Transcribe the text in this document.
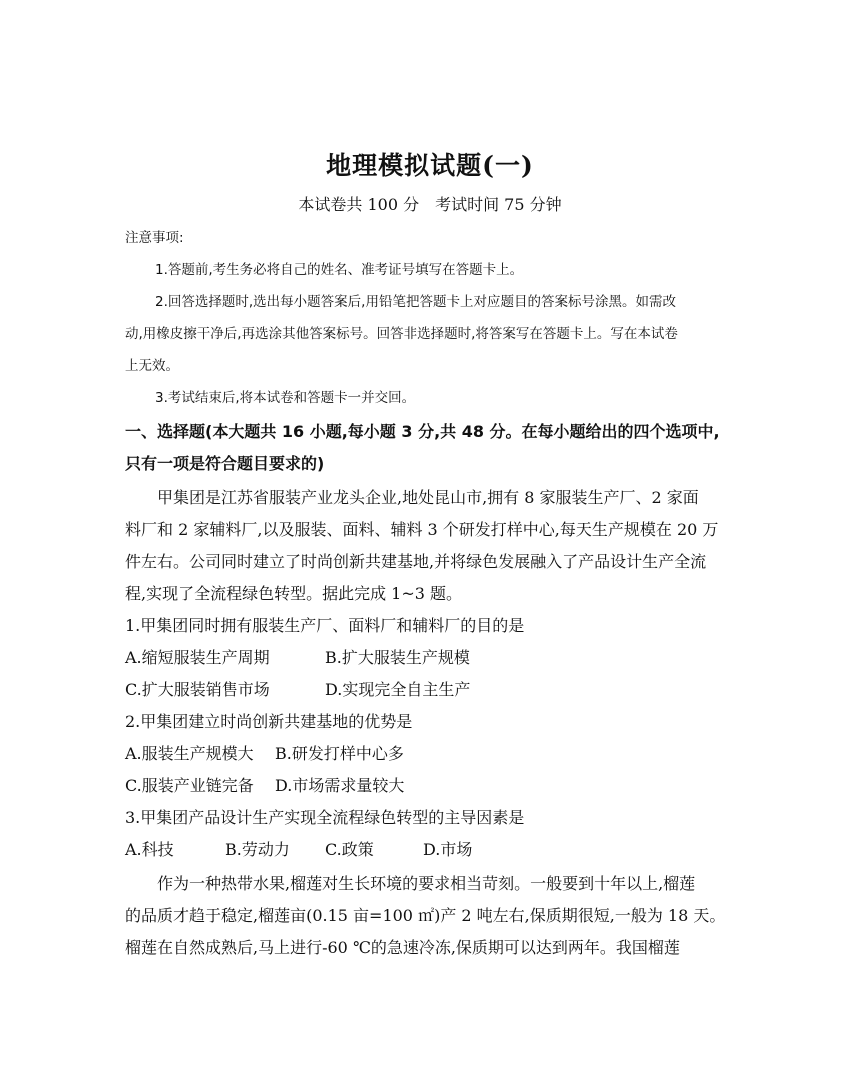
地理模拟试题(一)
本试卷共 100 分　考试时间 75 分钟
注意事项:
1.答题前,考生务必将自己的姓名、准考证号填写在答题卡上。
2.回答选择题时,选出每小题答案后,用铅笔把答题卡上对应题目的答案标号涂黑。如需改
动,用橡皮擦干净后,再选涂其他答案标号。回答非选择题时,将答案写在答题卡上。写在本试卷
上无效。
3.考试结束后,将本试卷和答题卡一并交回。
一、选择题(本大题共 16 小题,每小题 3 分,共 48 分。在每小题给出的四个选项中,
只有一项是符合题目要求的)
甲集团是江苏省服装产业龙头企业,地处昆山市,拥有 8 家服装生产厂、2 家面
料厂和 2 家辅料厂,以及服装、面料、辅料 3 个研发打样中心,每天生产规模在 20 万
件左右。公司同时建立了时尚创新共建基地,并将绿色发展融入了产品设计生产全流
程,实现了全流程绿色转型。据此完成 1~3 题。
1.甲集团同时拥有服装生产厂、面料厂和辅料厂的目的是
A.缩短服装生产周期	B.扩大服装生产规模
C.扩大服装销售市场	D.实现完全自主生产
2.甲集团建立时尚创新共建基地的优势是
A.服装生产规模大 B.研发打样中心多
C.服装产业链完备 D.市场需求量较大
3.甲集团产品设计生产实现全流程绿色转型的主导因素是
A.科技	B.劳动力 C.政策	D.市场
作为一种热带水果,榴莲对生长环境的要求相当苛刻。一般要到十年以上,榴莲
的品质才趋于稳定,榴莲亩(0.15 亩=100 ㎡)产 2 吨左右,保质期很短,一般为 18 天。
榴莲在自然成熟后,马上进行-60 ℃的急速冷冻,保质期可以达到两年。我国榴莲
